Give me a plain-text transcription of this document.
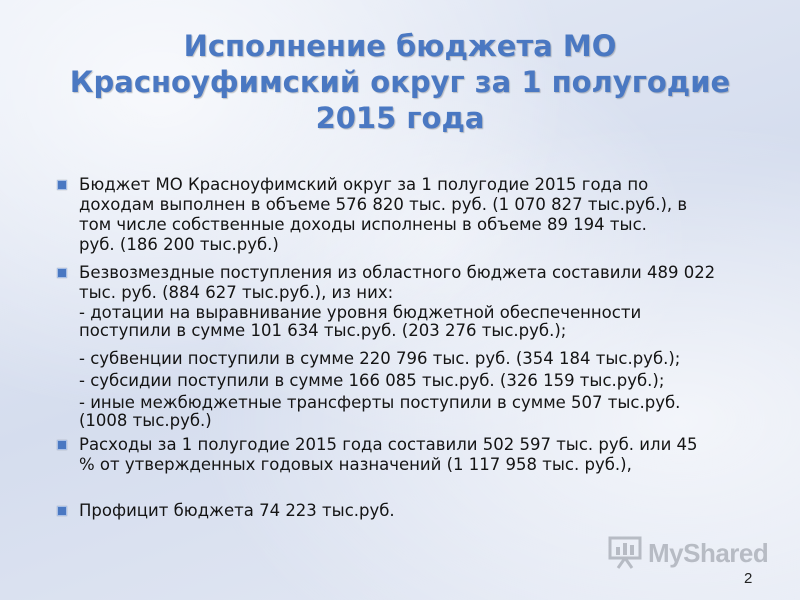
Исполнение бюджета МО
Красноуфимский округ за 1 полугодие
2015 года
Бюджет МО Красноуфимский округ за 1 полугодие 2015 года по
доходам выполнен в объеме 576 820 тыс. руб. (1 070 827 тыс.руб.), в
том числе собственные доходы исполнены в объеме 89 194 тыс.
руб. (186 200 тыс.руб.)
Безвозмездные поступления из областного бюджета составили 489 022
тыс. руб. (884 627 тыс.руб.), из них:
- дотации на выравнивание уровня бюджетной обеспеченности
поступили в сумме 101 634 тыс.руб. (203 276 тыс.руб.);
- субвенции поступили в сумме 220 796 тыс. руб. (354 184 тыс.руб.);
- субсидии поступили в сумме 166 085 тыс.руб. (326 159 тыс.руб.);
- иные межбюджетные трансферты поступили в сумме 507 тыс.руб.
(1008 тыс.руб.)
Расходы за 1 полугодие 2015 года составили 502 597 тыс. руб. или 45
% от утвержденных годовых назначений (1 117 958 тыс. руб.),
Профицит бюджета 74 223 тыс.руб.
MyShared
2
